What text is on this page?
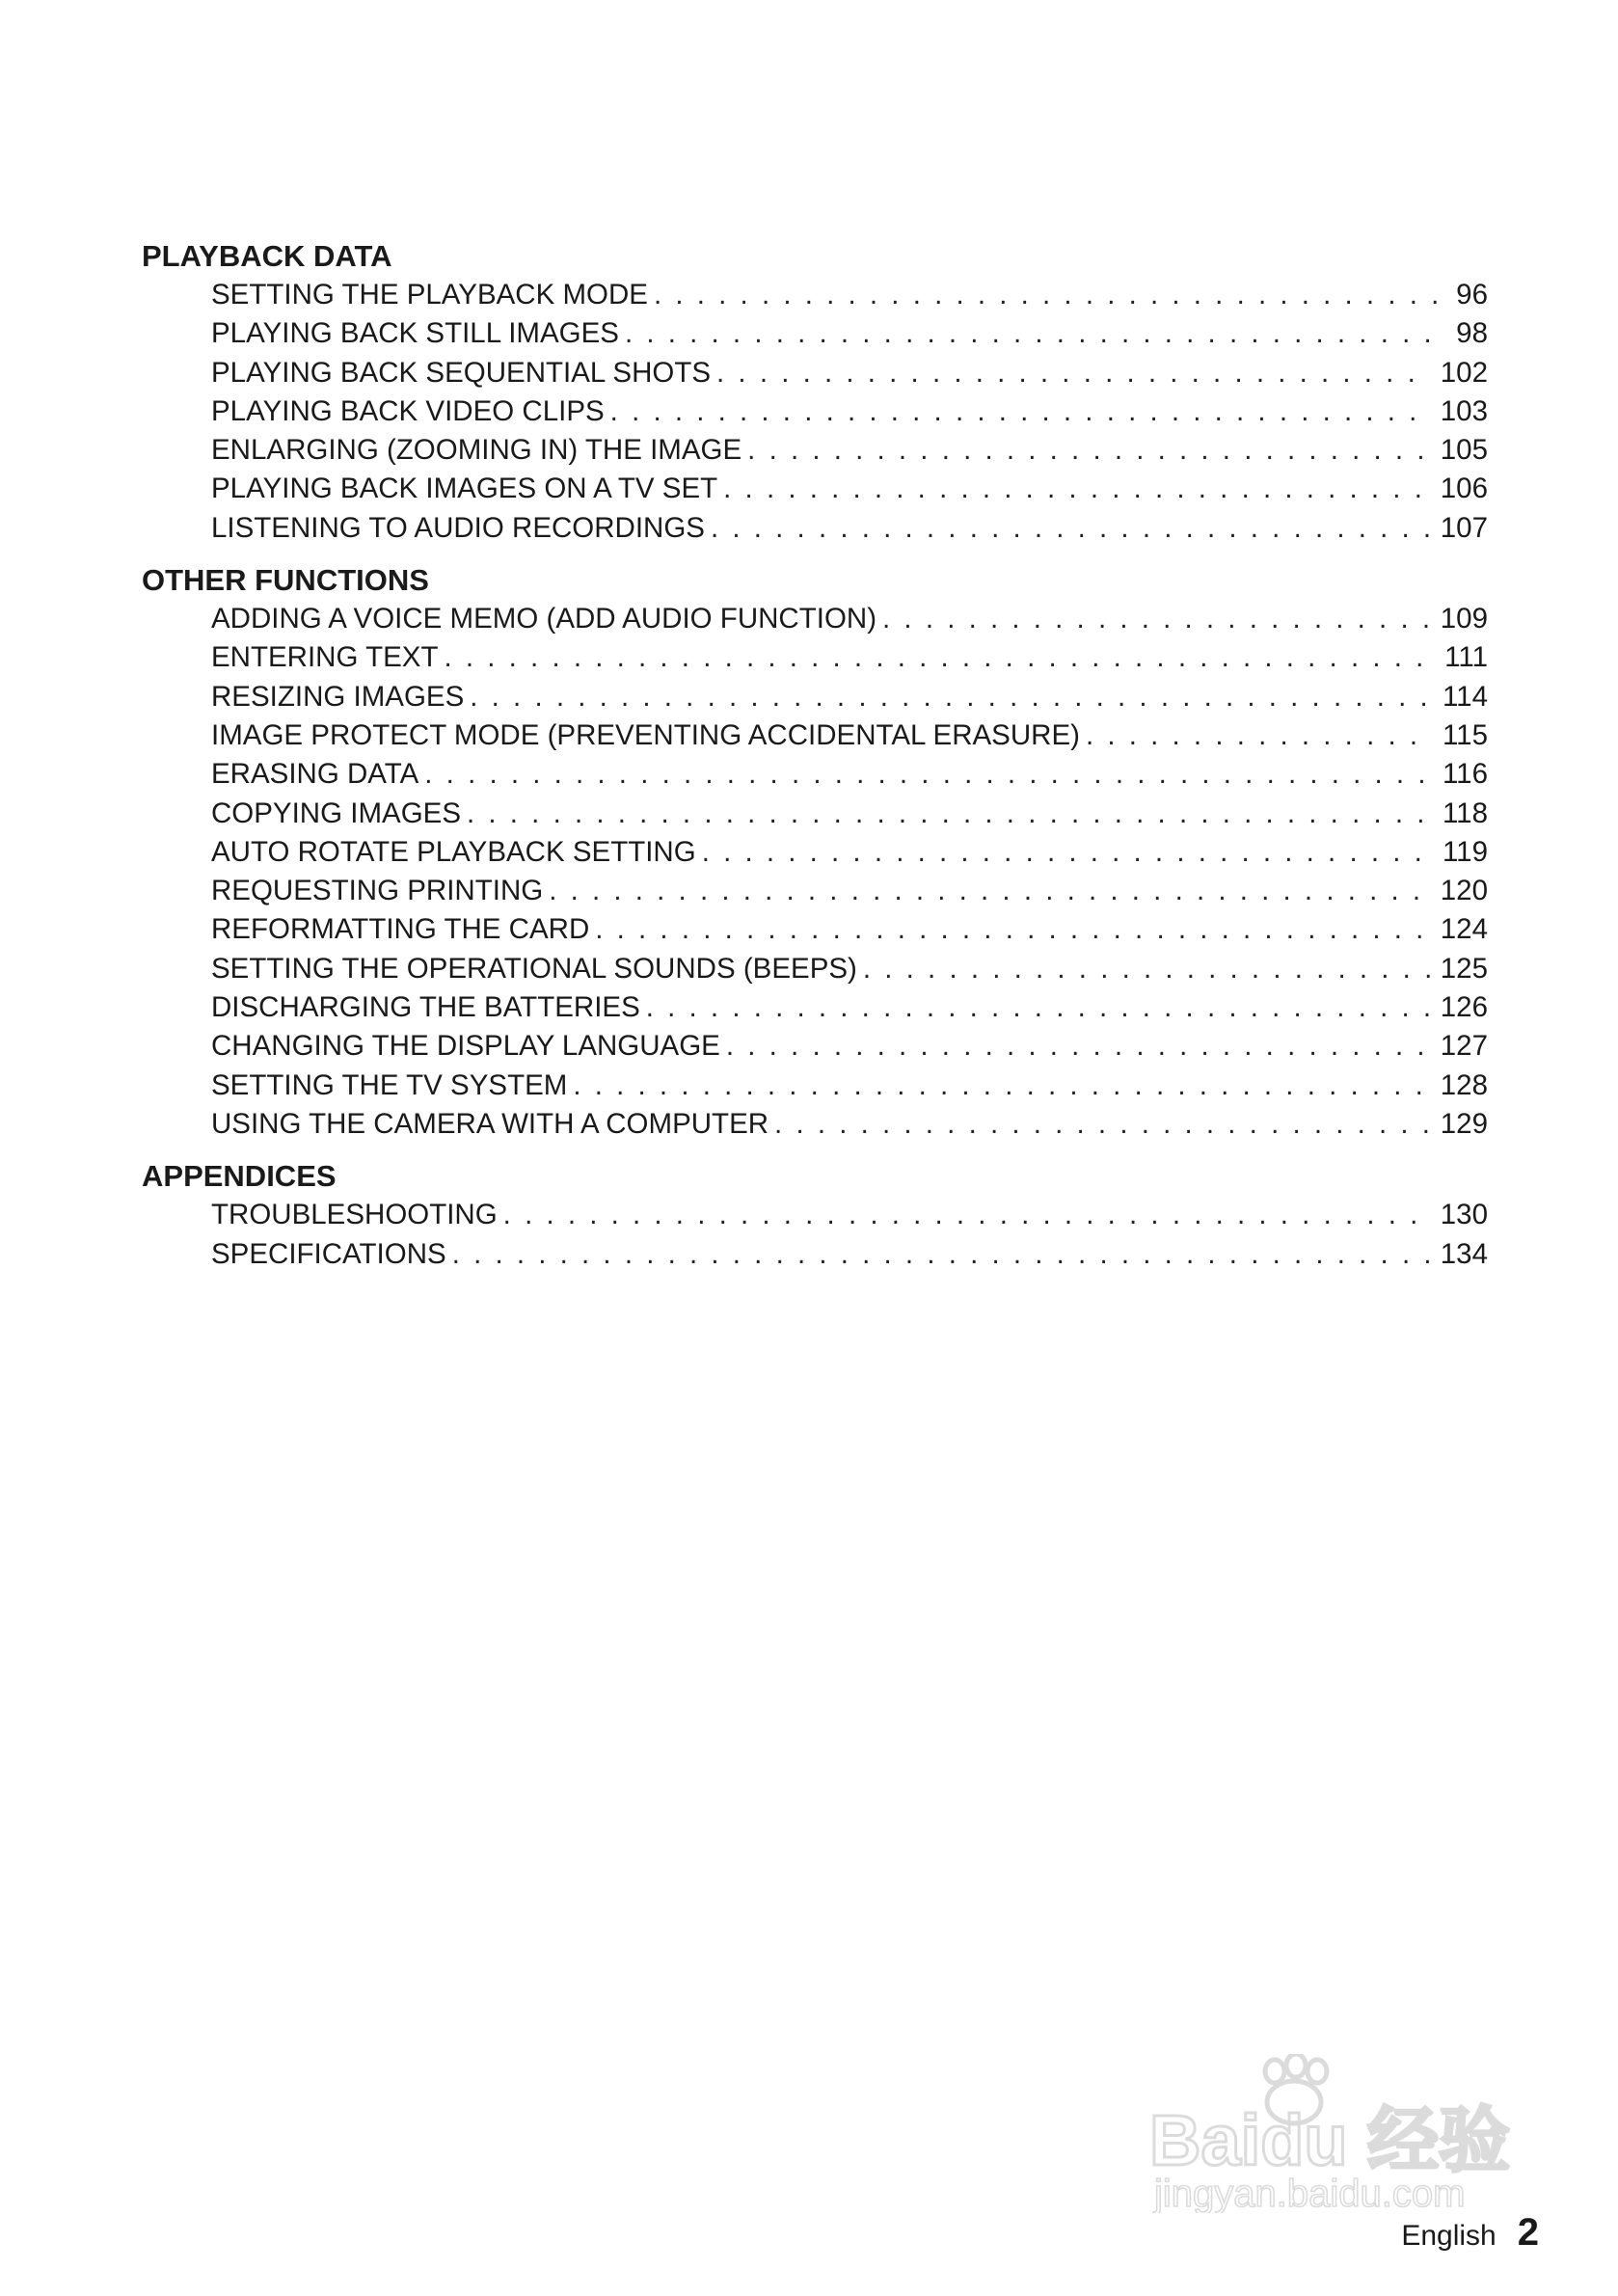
PLAYBACK DATA
SETTING THE PLAYBACK MODE . . .	96
PLAYING BACK STILL IMAGES . . .	98
PLAYING BACK SEQUENTIAL SHOTS . . .	102
PLAYING BACK VIDEO CLIPS . . .	103
ENLARGING (ZOOMING IN) THE IMAGE . . .	105
PLAYING BACK IMAGES ON A TV SET . . .	106
LISTENING TO AUDIO RECORDINGS . . .	107
OTHER FUNCTIONS
ADDING A VOICE MEMO (ADD AUDIO FUNCTION) . . .	109
ENTERING TEXT . . .	111
RESIZING IMAGES . . .	114
IMAGE PROTECT MODE (PREVENTING ACCIDENTAL ERASURE) . . .	115
ERASING DATA . . .	116
COPYING IMAGES . . .	118
AUTO ROTATE PLAYBACK SETTING . . .	119
REQUESTING PRINTING . . .	120
REFORMATTING THE CARD . . .	124
SETTING THE OPERATIONAL SOUNDS (BEEPS) . . .	125
DISCHARGING THE BATTERIES . . .	126
CHANGING THE DISPLAY LANGUAGE . . .	127
SETTING THE TV SYSTEM . . .	128
USING THE CAMERA WITH A COMPUTER . . .	129
APPENDICES
TROUBLESHOOTING . . .	130
SPECIFICATIONS . . .	134
Baidu 经验
jingyan.baidu.com
English 2
